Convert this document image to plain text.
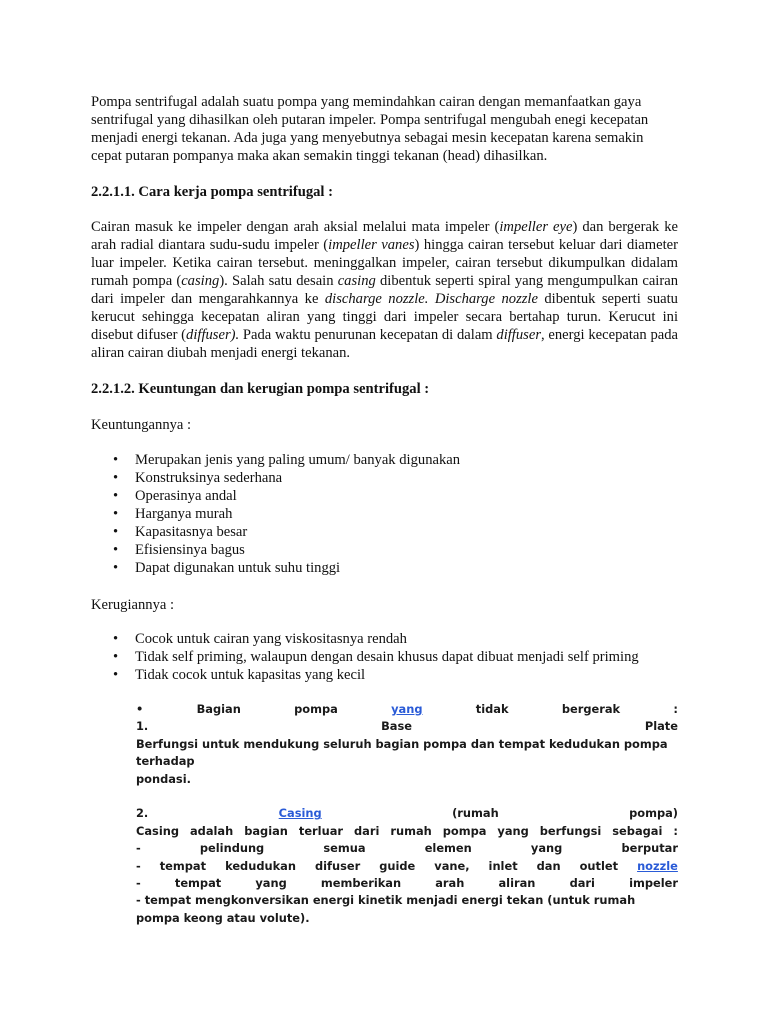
Pompa sentrifugal adalah suatu pompa yang memindahkan cairan dengan memanfaatkan gaya
sentrifugal yang dihasilkan oleh putaran impeler. Pompa sentrifugal mengubah enegi kecepatan
menjadi energi tekanan. Ada juga yang menyebutnya sebagai mesin kecepatan karena semakin
cepat putaran pompanya maka akan semakin tinggi tekanan (head) dihasilkan.
2.2.1.1. Cara kerja pompa sentrifugal :
Cairan masuk ke impeler dengan arah aksial melalui mata impeler (impeller eye) dan bergerak ke arah radial diantara sudu-sudu impeler (impeller vanes) hingga cairan tersebut keluar dari diameter luar impeler. Ketika cairan tersebut. meninggalkan impeler, cairan tersebut dikumpulkan didalam rumah pompa (casing). Salah satu desain casing dibentuk seperti spiral yang mengumpulkan cairan dari impeler dan mengarahkannya ke discharge nozzle. Discharge nozzle dibentuk seperti suatu kerucut sehingga kecepatan aliran yang tinggi dari impeler secara bertahap turun. Kerucut ini disebut difuser (diffuser). Pada waktu penurunan kecepatan di dalam diffuser, energi kecepatan pada aliran cairan diubah menjadi energi tekanan.
2.2.1.2. Keuntungan dan kerugian pompa sentrifugal :
Keuntungannya :
• Merupakan jenis yang paling umum/ banyak digunakan
• Konstruksinya sederhana
• Operasinya andal
• Harganya murah
• Kapasitasnya besar
• Efisiensinya bagus
• Dapat digunakan untuk suhu tinggi
Kerugiannya :
• Cocok untuk cairan yang viskositasnya rendah
• Tidak self priming, walaupun dengan desain khusus dapat dibuat menjadi self priming
• Tidak cocok untuk kapasitas yang kecil
•	Bagian	pompa	yang	tidak	bergerak	:
1.	Base	Plate
Berfungsi untuk mendukung seluruh bagian pompa dan tempat kedudukan pompa terhadap
pondasi.
2.	Casing	(rumah	pompa)
Casing adalah bagian terluar dari rumah pompa yang berfungsi sebagai :
-	pelindung	semua	elemen	yang	berputar
- tempat kedudukan difuser guide vane, inlet dan outlet nozzle
-	tempat	yang	memberikan	arah	aliran	dari	impeler
- tempat mengkonversikan energi kinetik menjadi energi tekan (untuk rumah pompa keong atau volute).
